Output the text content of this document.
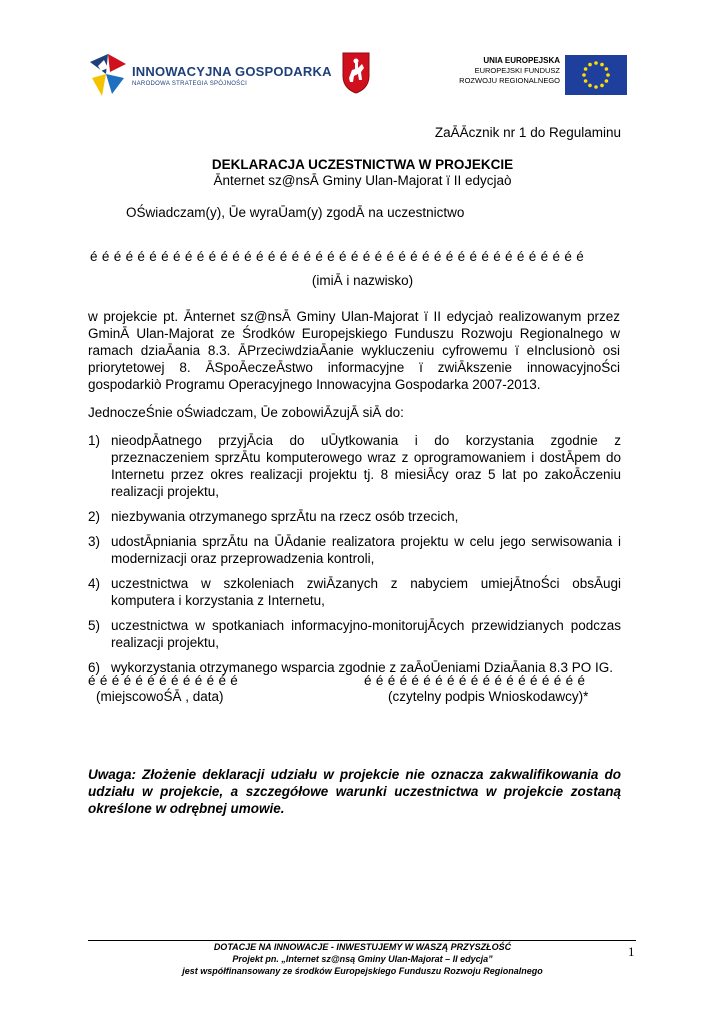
INNOWACYJNA GOSPODARKA
NARODOWA STRATEGIA SPÓJNOŚCI
UNIA EUROPEJSKA
EUROPEJSKI FUNDUSZ
ROZWOJU REGIONALNEGO
ZaĀĀcznik nr 1 do Regulaminu
DEKLARACJA UCZESTNICTWA W PROJEKCIE
Ānternet sz@nsĀ Gminy Ulan-Majorat ï II edycjaò
OŚwiadczam(y), Ūe wyraŪam(y) zgodĀ na uczestnictwo
é é é é é é é é é é é é é é é é é é é é é é é é é é é é é é é é é é é é é é é é é é
(imiĀ i nazwisko)
w projekcie pt. Ānternet sz@nsĀ Gminy Ulan-Majorat ï II edycjaò realizowanym przez GminĀ Ulan-Majorat ze Środków Europejskiego Funduszu Rozwoju Regionalnego w ramach dziaĀania 8.3. ĀPrzeciwdziaĀanie wykluczeniu cyfrowemu ï eInclusionò osi priorytetowej 8. ĀSpoĀeczeĀstwo informacyjne ï zwiĀkszenie innowacyjnoŚci gospodarkiò Programu Operacyjnego Innowacyjna Gospodarka 2007-2013.
JednoczeŚnie oŚwiadczam, Ūe zobowiĀzujĀ siĀ do:
1) nieodpĀatnego przyjĀcia do uŪytkowania i do korzystania zgodnie z przeznaczeniem sprzĀtu komputerowego wraz z oprogramowaniem i dostĀpem do Internetu przez okres realizacji projektu tj. 8 miesiĀcy oraz 5 lat po zakoĀczeniu realizacji projektu,
2) niezbywania otrzymanego sprzĀtu na rzecz osób trzecich,
3) udostĀpniania sprzĀtu na ŪĀdanie realizatora projektu w celu jego serwisowania i modernizacji oraz przeprowadzenia kontroli,
4) uczestnictwa w szkoleniach zwiĀzanych z nabyciem umiejĀtnoŚci obsĀugi komputera i korzystania z Internetu,
5) uczestnictwa w spotkaniach informacyjno-monitorujĀcych przewidzianych podczas realizacji projektu,
6) wykorzystania otrzymanego wsparcia zgodnie z zaĀoŪeniami DziaĀania 8.3 PO IG.
é é é é é é é é é é é é é
(miejscowoŚĀ , data)
é é é é é é é é é é é é é é é é é é é
(czytelny podpis Wnioskodawcy)*
Uwaga: Złożenie deklaracji udziału w projekcie nie oznacza zakwalifikowania do udziału w projekcie, a szczegółowe warunki uczestnictwa w projekcie zostaną określone w odrębnej umowie.
DOTACJE NA INNOWACJE - INWESTUJEMY W WASZĄ PRZYSZŁOŚĆ
Projekt pn. „Internet sz@nsą Gminy Ulan-Majorat – II edycja”
jest współfinansowany ze środków Europejskiego Funduszu Rozwoju Regionalnego
1
